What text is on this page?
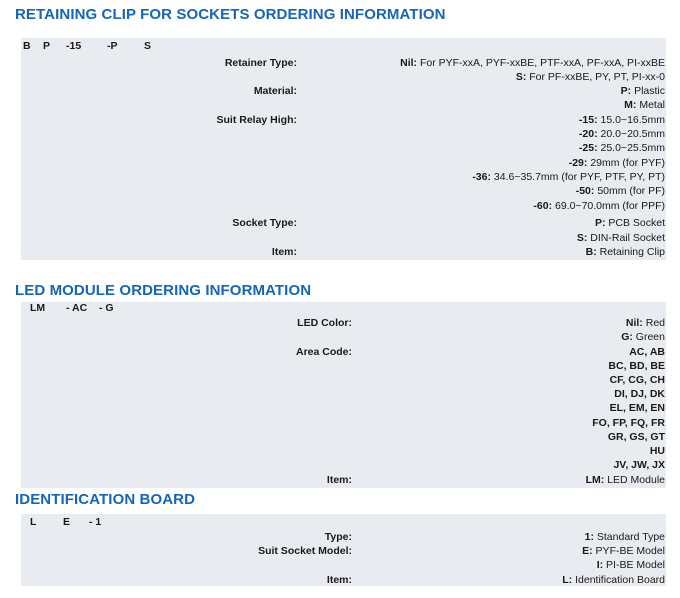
RETAINING CLIP FOR SOCKETS ORDERING INFORMATION
B P -15 -P	S
Retainer Type:	Nil: For PYF-xxA, PYF-xxBE, PTF-xxA, PF-xxA, PI-xxBE
S: For PF-xxBE, PY, PT, PI-xx-0
Material:	P: Plastic
M: Metal
Suit Relay High:	-15: 15.0~16.5mm
-20: 20.0~20.5mm
-25: 25.0~25.5mm
-29: 29mm (for PYF)
-36: 34.6~35.7mm (for PYF, PTF, PY, PT)
-50: 50mm (for PF)
-60: 69.0~70.0mm (for PPF)
Socket Type:	P: PCB Socket
S: DIN-Rail Socket
Item:	B: Retaining Clip
LED MODULE ORDERING INFORMATION
LM - AC - G
LED Color:	Nil: Red
G: Green
Area Code:	AC, AB
BC, BD, BE
CF, CG, CH
DI, DJ, DK
EL, EM, EN
FO, FP, FQ, FR
GR, GS, GT
HU
JV, JW, JX
Item:	LM: LED Module
IDENTIFICATION BOARD
L	E - 1
Type:	1: Standard Type
Suit Socket Model:	E: PYF-BE Model
I: PI-BE Model
Item:	L: Identification Board
